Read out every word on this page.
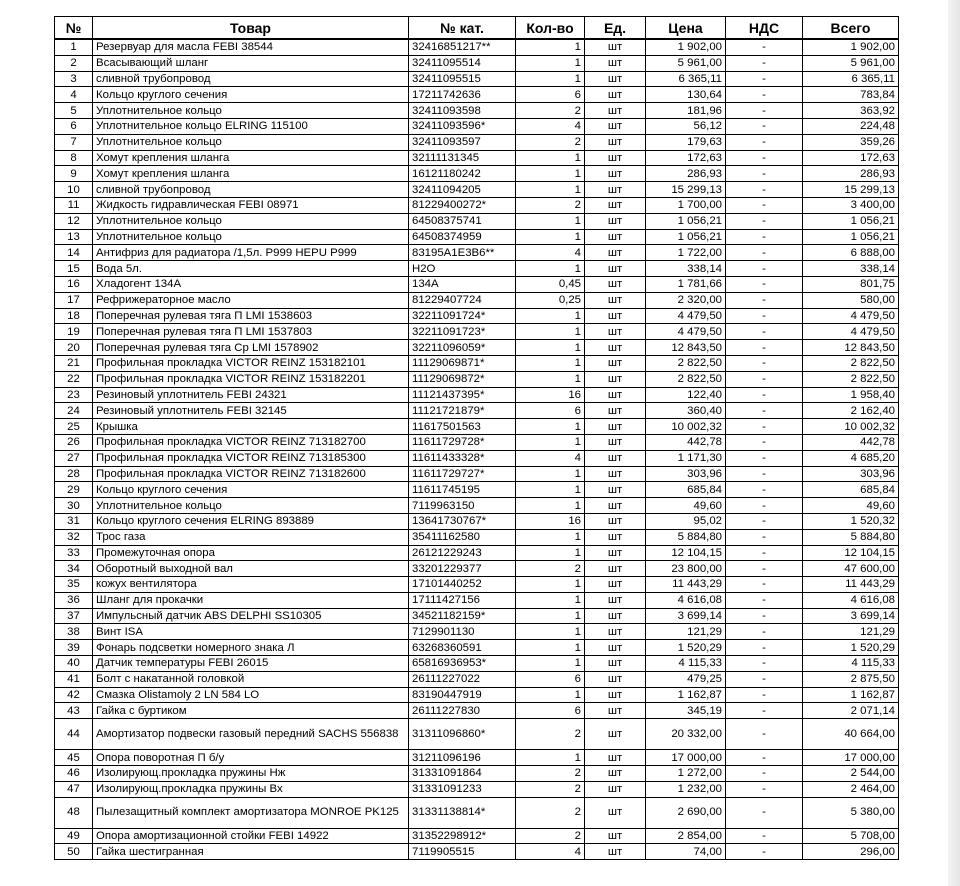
№	Товар	№ кат.	Кол-во	Ед.	Цена	НДС	Всего
1	Резервуар для масла FEBI 38544	32416851217**	1	шт	1 902,00	-	1 902,00
2	Всасывающий шланг	32411095514	1	шт	5 961,00	-	5 961,00
3	сливной трубопровод	32411095515	1	шт	6 365,11	-	6 365,11
4	Кольцо круглого сечения	17211742636	6	шт	130,64	-	783,84
5	Уплотнительное кольцо	32411093598	2	шт	181,96	-	363,92
6	Уплотнительное кольцо ELRING 115100	32411093596*	4	шт	56,12	-	224,48
7	Уплотнительное кольцо	32411093597	2	шт	179,63	-	359,26
8	Хомут крепления шланга	32111131345	1	шт	172,63	-	172,63
9	Хомут крепления шланга	16121180242	1	шт	286,93	-	286,93
10	сливной трубопровод	32411094205	1	шт	15 299,13	-	15 299,13
11	Жидкость гидравлическая FEBI 08971	81229400272*	2	шт	1 700,00	-	3 400,00
12	Уплотнительное кольцо	64508375741	1	шт	1 056,21	-	1 056,21
13	Уплотнительное кольцо	64508374959	1	шт	1 056,21	-	1 056,21
14	Антифриз для радиатора /1,5л. P999 HEPU P999	83195A1E3B6**	4	шт	1 722,00	-	6 888,00
15	Вода 5л.	H2O	1	шт	338,14	-	338,14
16	Хладогент 134A	134A	0,45	шт	1 781,66	-	801,75
17	Рефрижераторное масло	81229407724	0,25	шт	2 320,00	-	580,00
18	Поперечная рулевая тяга П LMI 1538603	32211091724*	1	шт	4 479,50	-	4 479,50
19	Поперечная рулевая тяга П LMI 1537803	32211091723*	1	шт	4 479,50	-	4 479,50
20	Поперечная рулевая тяга Ср LMI 1578902	32211096059*	1	шт	12 843,50	-	12 843,50
21	Профильная прокладка VICTOR REINZ 153182101	11129069871*	1	шт	2 822,50	-	2 822,50
22	Профильная прокладка VICTOR REINZ 153182201	11129069872*	1	шт	2 822,50	-	2 822,50
23	Резиновый уплотнитель FEBI 24321	11121437395*	16	шт	122,40	-	1 958,40
24	Резиновый уплотнитель FEBI 32145	11121721879*	6	шт	360,40	-	2 162,40
25	Крышка	11617501563	1	шт	10 002,32	-	10 002,32
26	Профильная прокладка VICTOR REINZ 713182700	11611729728*	1	шт	442,78	-	442,78
27	Профильная прокладка VICTOR REINZ 713185300	11611433328*	4	шт	1 171,30	-	4 685,20
28	Профильная прокладка VICTOR REINZ 713182600	11611729727*	1	шт	303,96	-	303,96
29	Кольцо круглого сечения	11611745195	1	шт	685,84	-	685,84
30	Уплотнительное кольцо	7119963150	1	шт	49,60	-	49,60
31	Кольцо круглого сечения ELRING 893889	13641730767*	16	шт	95,02	-	1 520,32
32	Трос газа	35411162580	1	шт	5 884,80	-	5 884,80
33	Промежуточная опора	26121229243	1	шт	12 104,15	-	12 104,15
34	Оборотный выходной вал	33201229377	2	шт	23 800,00	-	47 600,00
35	кожух вентилятора	17101440252	1	шт	11 443,29	-	11 443,29
36	Шланг для прокачки	17111427156	1	шт	4 616,08	-	4 616,08
37	Импульсный датчик ABS DELPHI SS10305	34521182159*	1	шт	3 699,14	-	3 699,14
38	Винт ISA	7129901130	1	шт	121,29	-	121,29
39	Фонарь подсветки номерного знака Л	63268360591	1	шт	1 520,29	-	1 520,29
40	Датчик температуры FEBI 26015	65816936953*	1	шт	4 115,33	-	4 115,33
41	Болт с накатанной головкой	26111227022	6	шт	479,25	-	2 875,50
42	Смазка Olistamoly 2 LN 584 LO	83190447919	1	шт	1 162,87	-	1 162,87
43	Гайка с буртиком	26111227830	6	шт	345,19	-	2 071,14
44	Амортизатор подвески газовый передний SACHS 556838	31311096860*	2	шт	20 332,00	-	40 664,00
45	Опора поворотная П б/у	31211096196	1	шт	17 000,00	-	17 000,00
46	Изолирующ.прокладка пружины Нж	31331091864	2	шт	1 272,00	-	2 544,00
47	Изолирующ.прокладка пружины Вх	31331091233	2	шт	1 232,00	-	2 464,00
48	Пылезащитный комплект амортизатора MONROE PK125	31331138814*	2	шт	2 690,00	-	5 380,00
49	Опора амортизационной стойки FEBI 14922	31352298912*	2	шт	2 854,00	-	5 708,00
50	Гайка шестигранная	7119905515	4	шт	74,00	-	296,00
